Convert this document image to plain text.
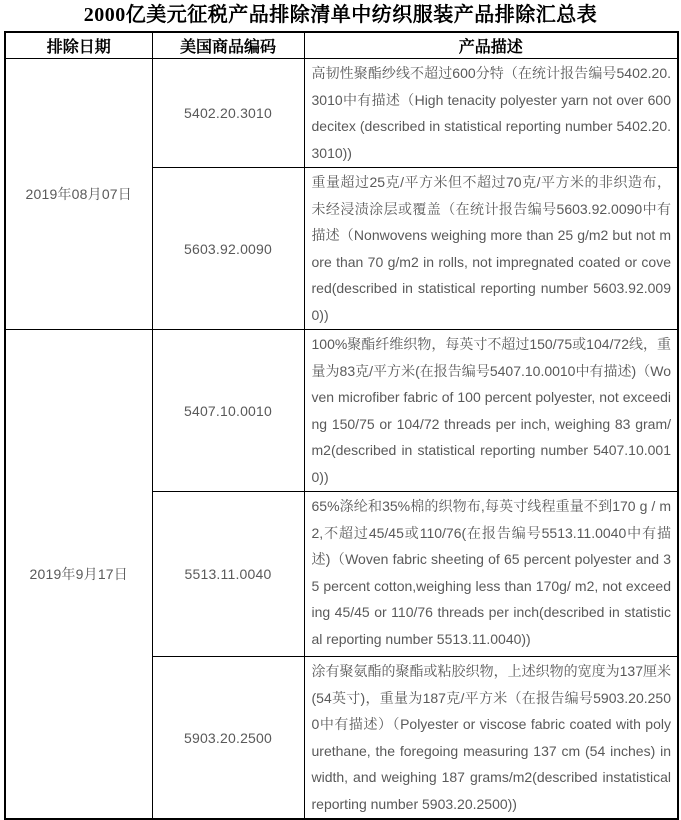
2000亿美元征税产品排除清单中纺织服装产品排除汇总表
排除日期	美国商品编码	产品描述
2019年08月07日	5402.20.3010	高韧性聚酯纱线不超过600分特（在统计报告编号5402.20.3010中有描述（High tenacity polyester yarn not over 600 decitex (described in statistical reporting number 5402.20.3010))
	5603.92.0090	重量超过25克/平方米但不超过70克/平方米的非织造布，未经浸渍涂层或覆盖（在统计报告编号5603.92.0090中有描述（Nonwovens weighing more than 25 g/m2 but not more than 70 g/m2 in rolls, not impregnated coated or covered(described in statistical reporting number 5603.92.0090))
2019年9月17日	5407.10.0010	100%聚酯纤维织物，每英寸不超过150/75或104/72线，重量为83克/平方米(在报告编号5407.10.0010中有描述)（Woven microfiber fabric of 100 percent polyester, not exceeding 150/75 or 104/72 threads per inch, weighing 83 gram/m2(described in statistical reporting number 5407.10.0010))
	5513.11.0040	65%涤纶和35%棉的织物布,每英寸线程重量不到170 g / m2,不超过45/45或110/76(在报告编号5513.11.0040中有描述)（Woven fabric sheeting of 65 percent polyester and 35 percent cotton,weighing less than 170g/ m2, not exceeding 45/45 or 110/76 threads per inch(described in statistical reporting number 5513.11.0040))
	5903.20.2500	涂有聚氨酯的聚酯或粘胶织物，上述织物的宽度为137厘米(54英寸)，重量为187克/平方米（在报告编号5903.20.2500中有描述）（Polyester or viscose fabric coated with polyurethane, the foregoing measuring 137 cm (54 inches) in width, and weighing 187 grams/m2(described instatistical reporting number 5903.20.2500))
